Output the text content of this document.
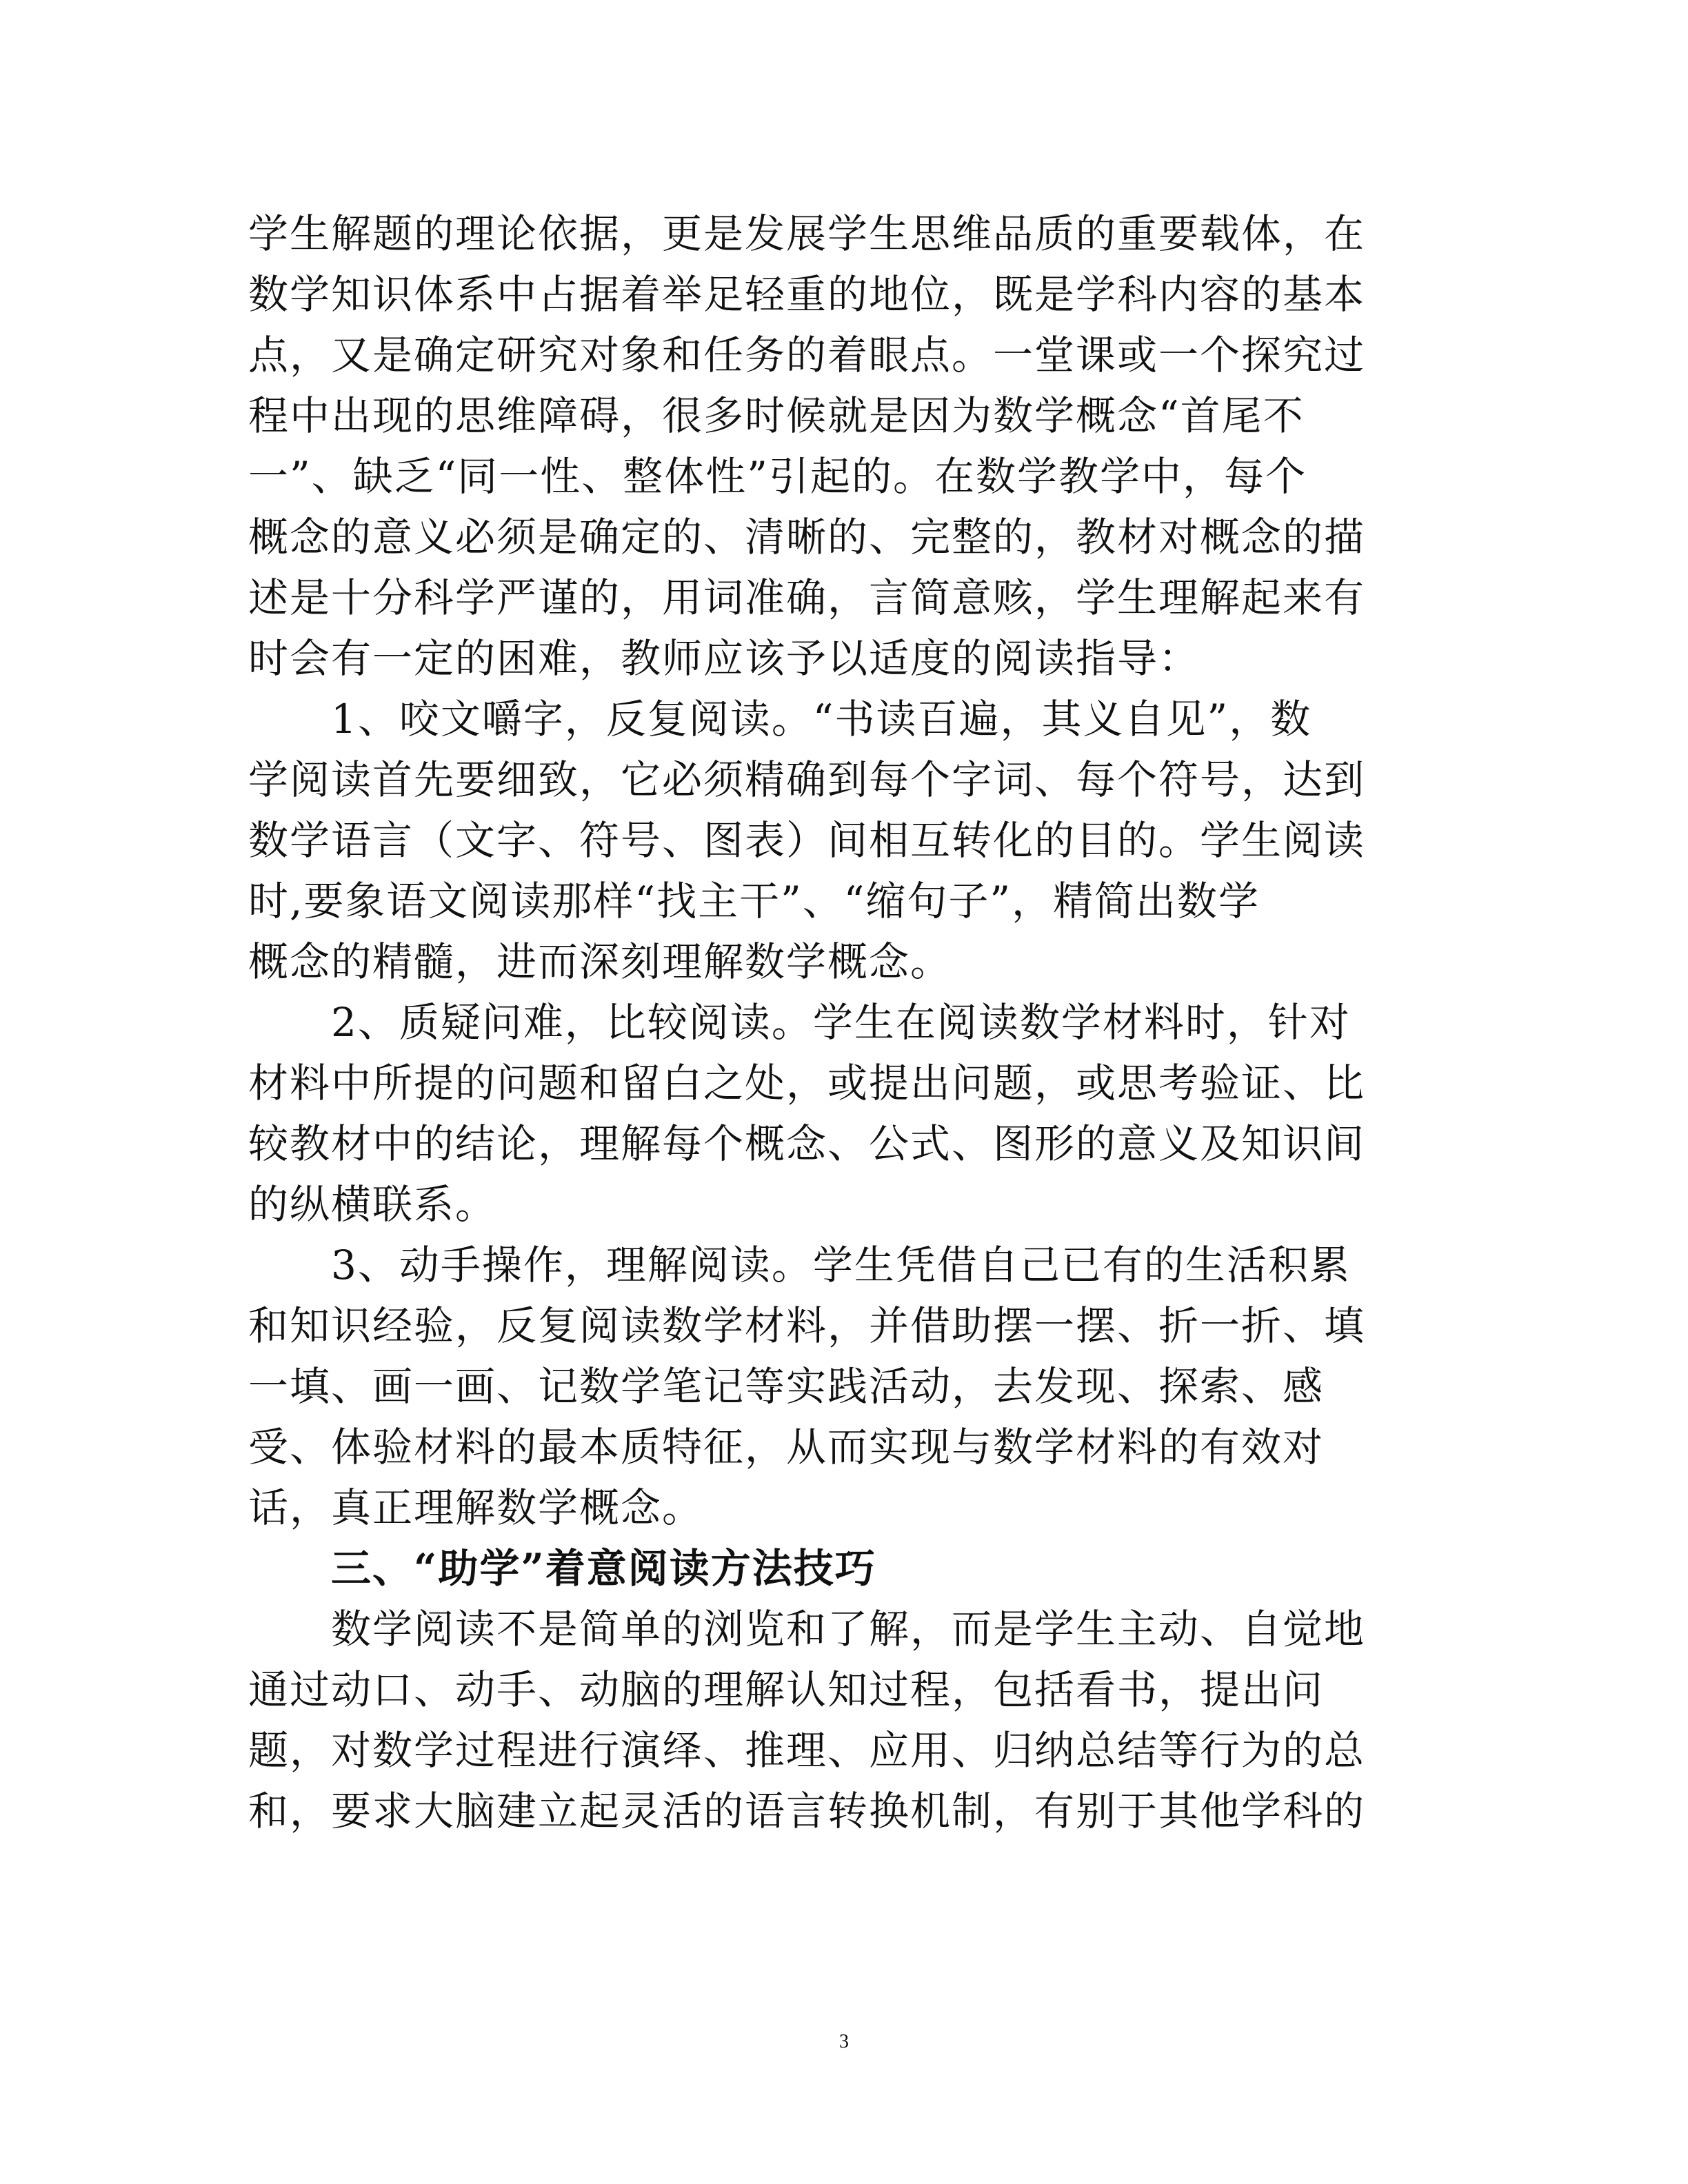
学生解题的理论依据，更是发展学生思维品质的重要载体，在
数学知识体系中占据着举足轻重的地位，既是学科内容的基本
点，又是确定研究对象和任务的着眼点。一堂课或一个探究过
程中出现的思维障碍，很多时候就是因为数学概念“首尾不
一”、缺乏“同一性、整体性”引起的。在数学教学中，每个
概念的意义必须是确定的、清晰的、完整的，教材对概念的描
述是十分科学严谨的，用词准确，言简意赅，学生理解起来有
时会有一定的困难，教师应该予以适度的阅读指导：
1、咬文嚼字，反复阅读。“书读百遍，其义自见”，数
学阅读首先要细致，它必须精确到每个字词、每个符号，达到
数学语言（文字、符号、图表）间相互转化的目的。学生阅读
时,要象语文阅读那样“找主干”、“缩句子”，精简出数学
概念的精髓，进而深刻理解数学概念。
2、质疑问难，比较阅读。学生在阅读数学材料时，针对
材料中所提的问题和留白之处，或提出问题，或思考验证、比
较教材中的结论，理解每个概念、公式、图形的意义及知识间
的纵横联系。
3、动手操作，理解阅读。学生凭借自己已有的生活积累
和知识经验，反复阅读数学材料，并借助摆一摆、折一折、填
一填、画一画、记数学笔记等实践活动，去发现、探索、感
受、体验材料的最本质特征，从而实现与数学材料的有效对
话，真正理解数学概念。
三、“助学”着意阅读方法技巧
数学阅读不是简单的浏览和了解，而是学生主动、自觉地
通过动口、动手、动脑的理解认知过程，包括看书，提出问
题，对数学过程进行演绎、推理、应用、归纳总结等行为的总
和，要求大脑建立起灵活的语言转换机制，有别于其他学科的
3
